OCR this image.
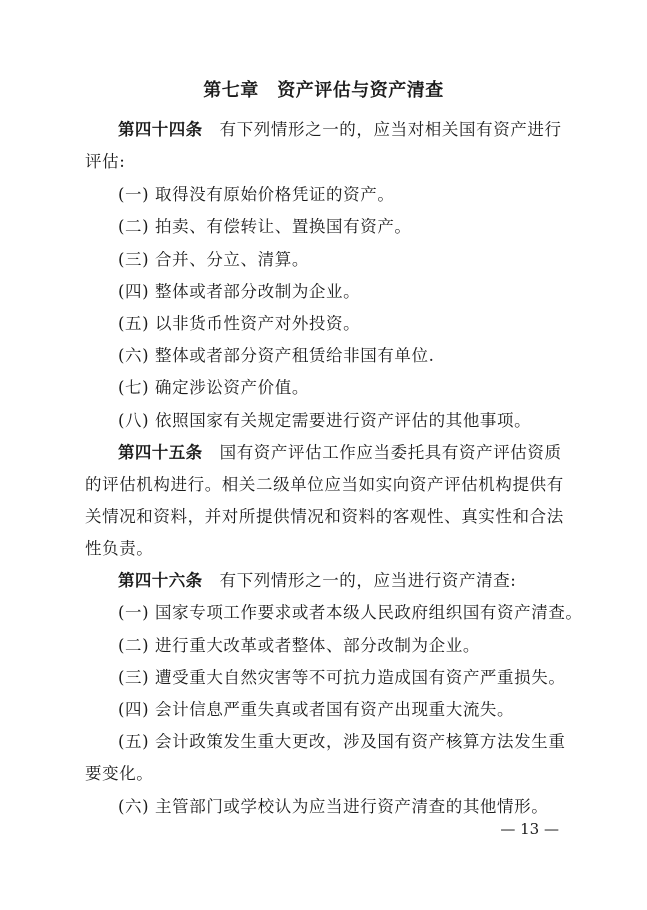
第七章　资产评估与资产清查
第四十四条　有下列情形之一的，应当对相关国有资产进行
评估:
(一) 取得没有原始价格凭证的资产。
(二) 拍卖、有偿转让、置换国有资产。
(三) 合并、分立、清算。
(四) 整体或者部分改制为企业。
(五) 以非货币性资产对外投资。
(六) 整体或者部分资产租赁给非国有单位.
(七) 确定涉讼资产价值。
(八) 依照国家有关规定需要进行资产评估的其他事项。
第四十五条　国有资产评估工作应当委托具有资产评估资质
的评估机构进行。相关二级单位应当如实向资产评估机构提供有
关情况和资料，并对所提供情况和资料的客观性、真实性和合法
性负责。
第四十六条　有下列情形之一的，应当进行资产清查:
(一) 国家专项工作要求或者本级人民政府组织国有资产清查。
(二) 进行重大改革或者整体、部分改制为企业。
(三) 遭受重大自然灾害等不可抗力造成国有资产严重损失。
(四) 会计信息严重失真或者国有资产出现重大流失。
(五) 会计政策发生重大更改，涉及国有资产核算方法发生重
要变化。
(六) 主管部门或学校认为应当进行资产清查的其他情形。
— 13 —
